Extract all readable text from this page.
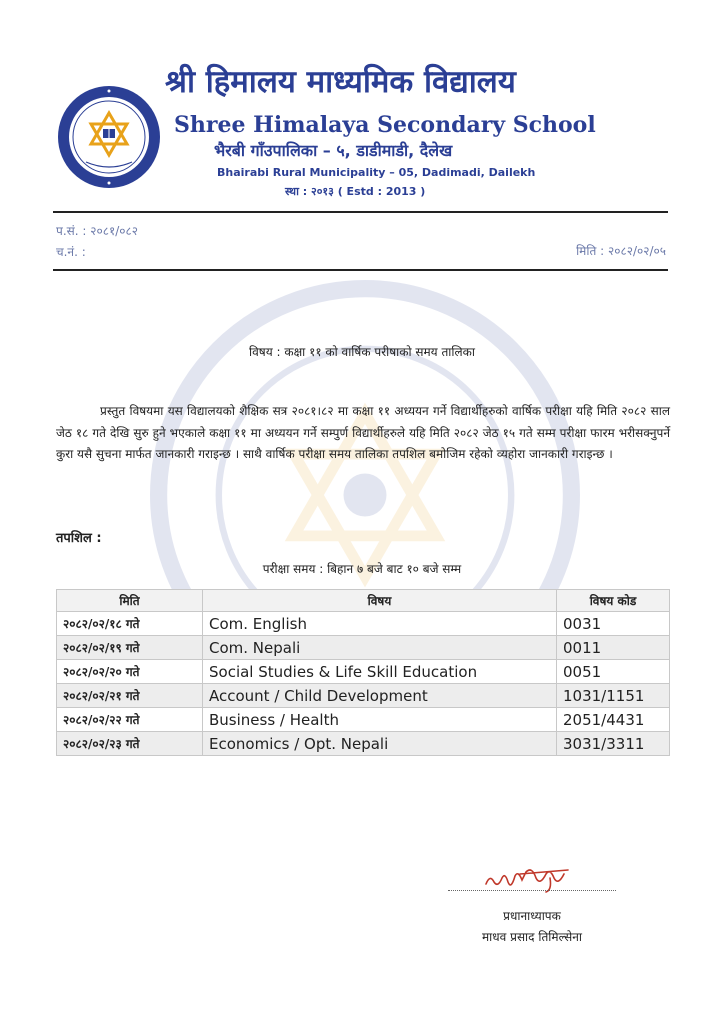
श्री हिमालय माध्यमिक विद्यालय
Shree Himalaya Secondary School
भैरबी गाँउपालिका – ५, डाडीमाडी, दैलेख
Bhairabi Rural Municipality – 05, Dadimadi, Dailekh
स्था : २०१३ ( Estd : 2013 )
प.सं. : २०८१/०८२
च.नं. :	मिति : २०८२/०२/०५
विषय : कक्षा ११ को वार्षिक परीषाको समय तालिका
प्रस्तुत विषयमा यस विद्यालयको शैक्षिक सत्र २०८१।८२ मा कक्षा ११ अध्ययन गर्ने विद्यार्थीहरुको वार्षिक परीक्षा यहि मिति २०८२ साल जेठ १८ गते देखि सुरु हुने भएकाले कक्षा ११ मा अध्ययन गर्ने सम्पुर्ण विद्यार्थीहरुले यहि मिति २०८२ जेठ १५ गते सम्म परीक्षा फारम भरीसक्नुपर्ने कुरा यसै सुचना मार्फत जानकारी गराइन्छ । साथै वार्षिक परीक्षा समय तालिका तपशिल बमोजिम रहेको व्यहोरा जानकारी गराइन्छ ।
तपशिल :
परीक्षा समय : बिहान ७ बजे बाट १० बजे सम्म
मिति	विषय	विषय कोड
२०८२/०२/१८ गते	Com. English	0031
२०८२/०२/१९ गते	Com. Nepali	0011
२०८२/०२/२० गते	Social Studies & Life Skill Education	0051
२०८२/०२/२१ गते	Account / Child Development	1031/1151
२०८२/०२/२२ गते	Business / Health	2051/4431
२०८२/०२/२३ गते	Economics / Opt. Nepali	3031/3311
प्रधानाध्यापक
माधव प्रसाद तिमिल्सेना
